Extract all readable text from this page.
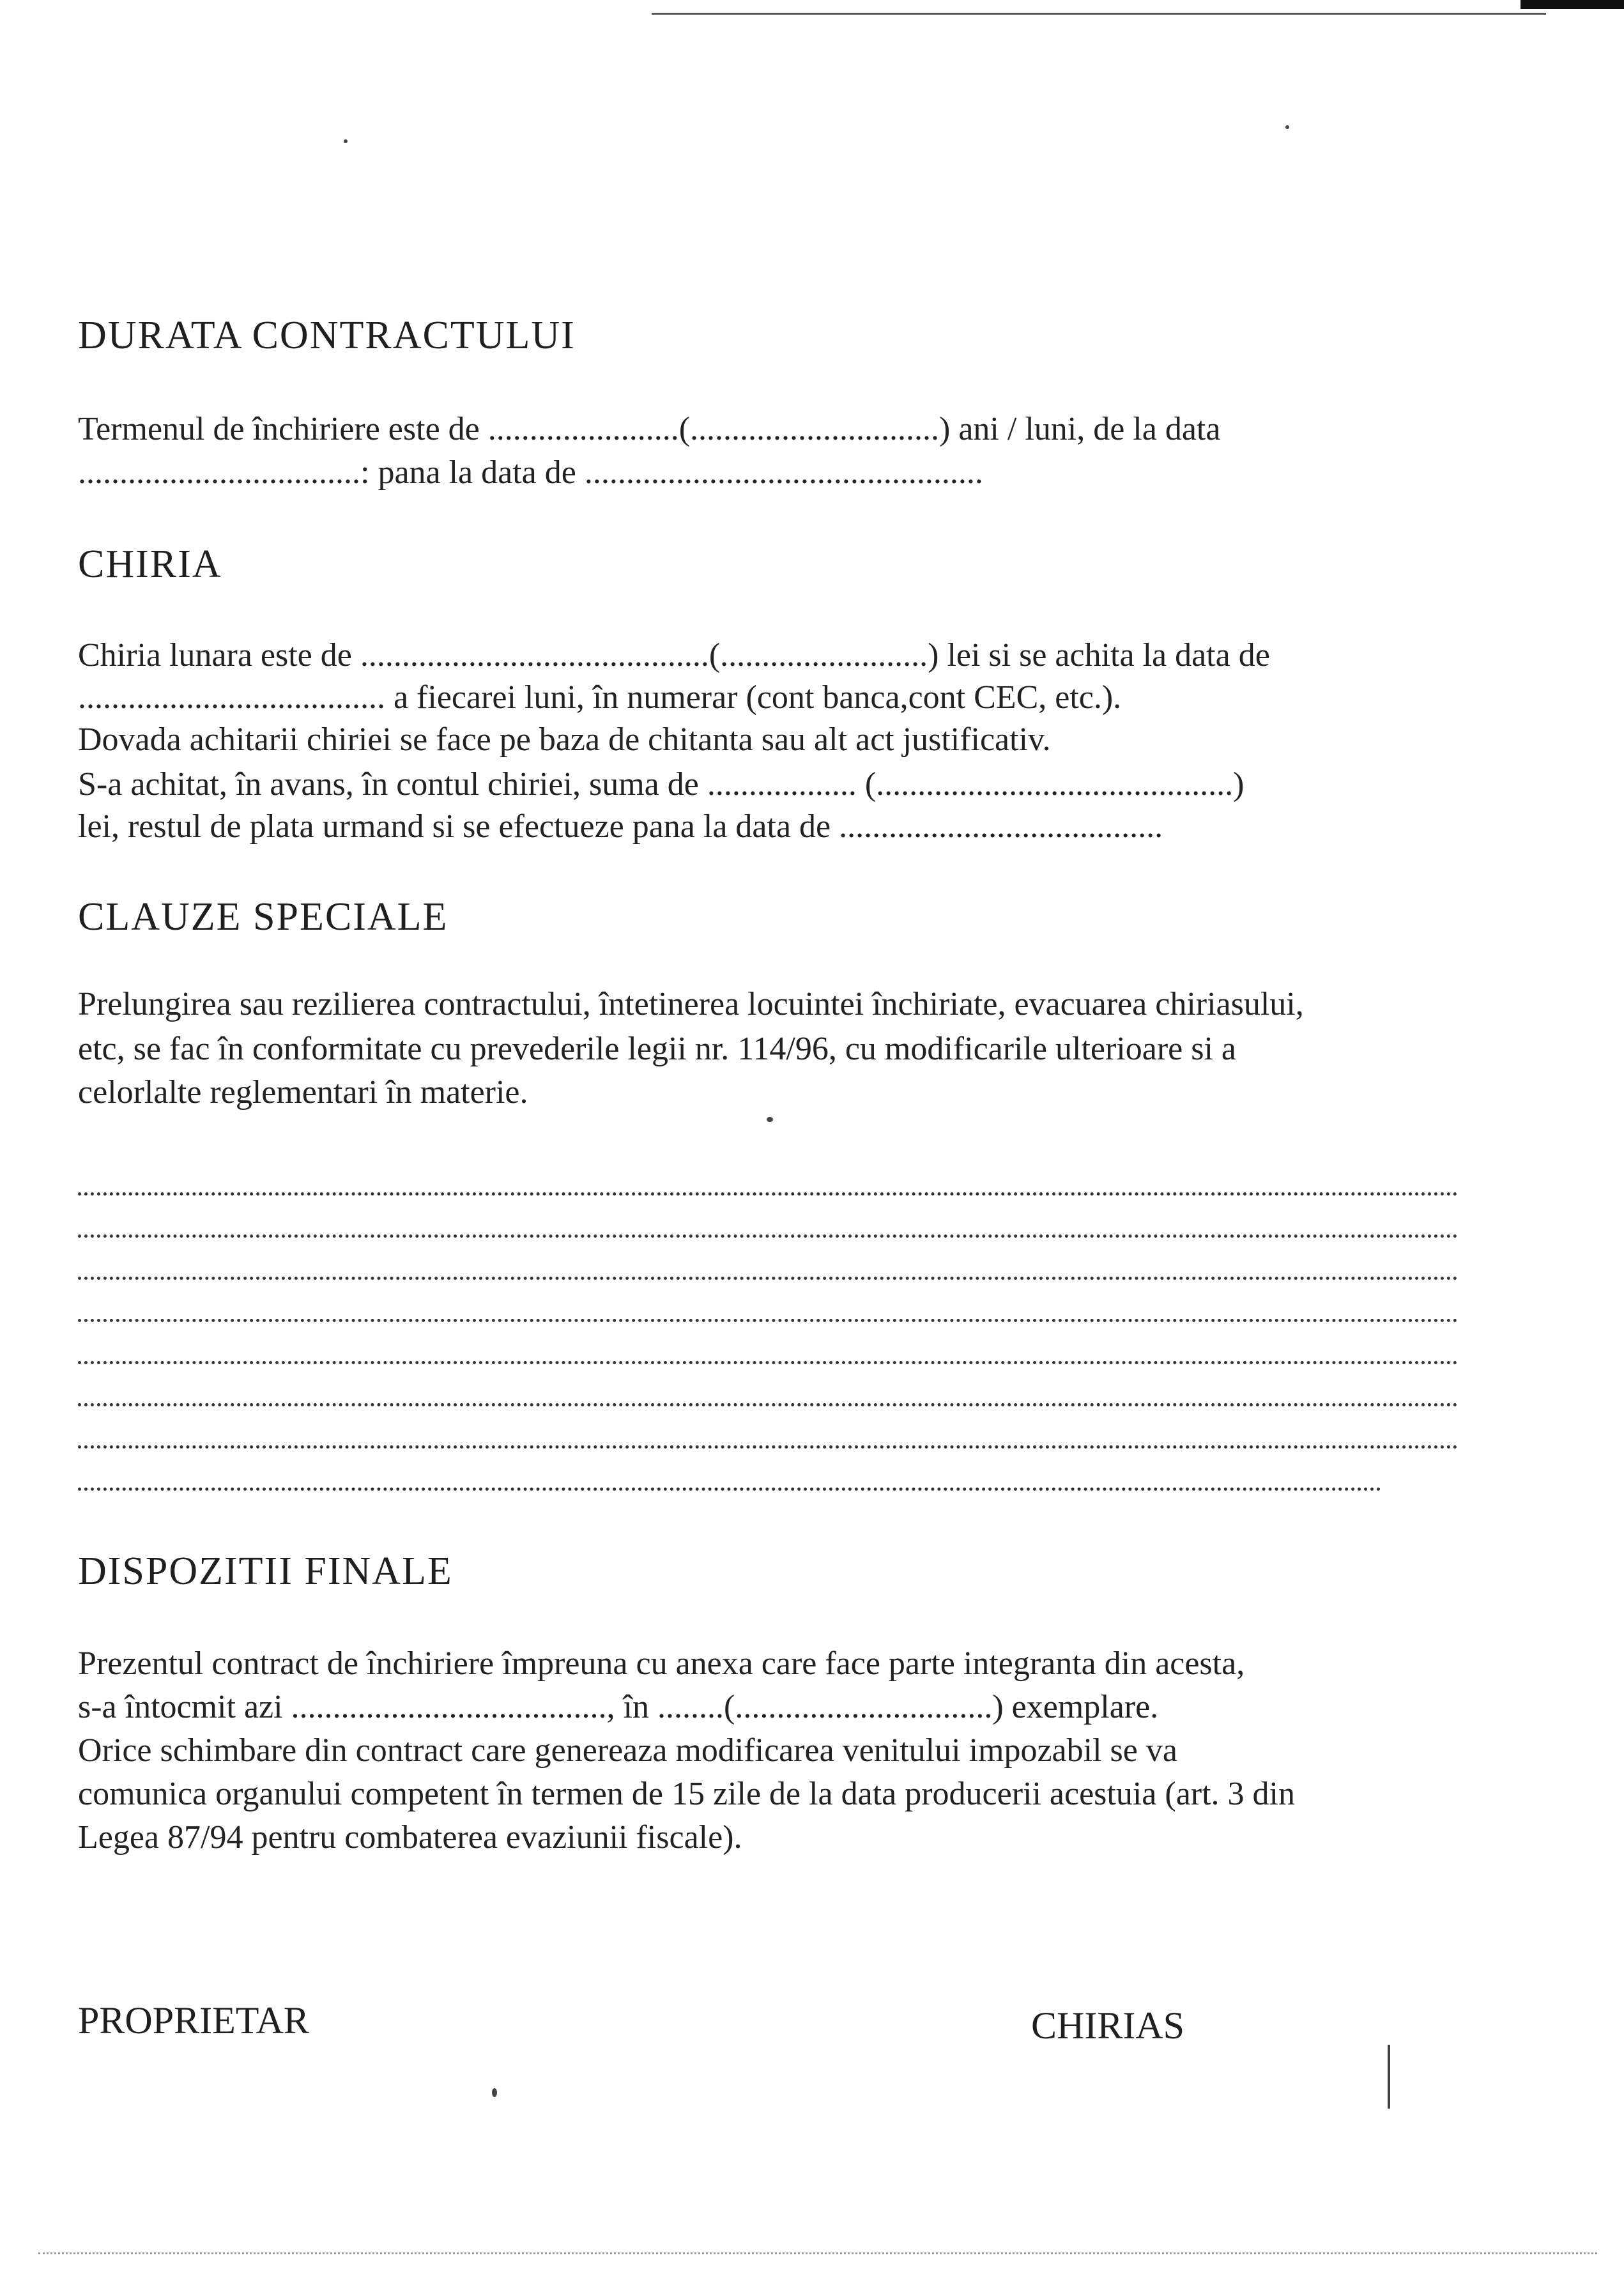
DURATA CONTRACTULUI
Termenul de închiriere este de .......................(..............................) ani / luni, de la data
..................................: pana la data de ................................................
CHIRIA
Chiria lunara este de ..........................................(.........................) lei si se achita la data de
..................................... a fiecarei luni, în numerar (cont banca,cont CEC, etc.).
Dovada achitarii chiriei se face pe baza de chitanta sau alt act justificativ.
S-a achitat, în avans, în contul chiriei, suma de .................. (...........................................)
lei, restul de plata urmand si se efectueze pana la data de .......................................
CLAUZE SPECIALE
Prelungirea sau rezilierea contractului, întetinerea locuintei închiriate, evacuarea chiriasului,
etc, se fac în conformitate cu prevederile legii nr. 114/96, cu modificarile ulterioare si a
celorlalte reglementari în materie.
DISPOZITII FINALE
Prezentul contract de închiriere împreuna cu anexa care face parte integranta din acesta,
s-a întocmit azi ......................................, în ........(...............................) exemplare.
Orice schimbare din contract care genereaza modificarea venitului impozabil se va
comunica organului competent în termen de 15 zile de la data producerii acestuia (art. 3 din
Legea 87/94 pentru combaterea evaziunii fiscale).
PROPRIETAR	CHIRIAS
